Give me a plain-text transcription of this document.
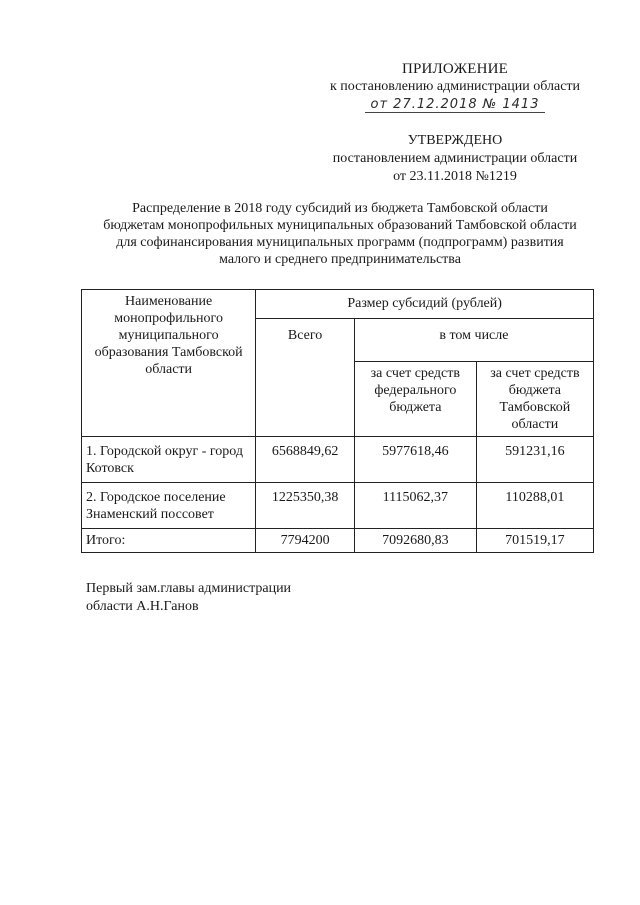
ПРИЛОЖЕНИЕ
к постановлению администрации области
от 27.12.2018 № 1413
УТВЕРЖДЕНО
постановлением администрации области
от 23.11.2018 №1219
Распределение в 2018 году субсидий из бюджета Тамбовской области
бюджетам монопрофильных муниципальных образований Тамбовской области
для софинансирования муниципальных программ (подпрограмм) развития
малого и среднего предпринимательства
Наименование монопрофильного муниципального образования Тамбовской области	Размер субсидий (рублей)		
	Всего	в том числе	
		за счет средств федерального бюджета	за счет средств бюджета Тамбовской области
1. Городской округ - город Котовск	6568849,62	5977618,46	591231,16
2. Городское поселение Знаменский поссовет	1225350,38	1115062,37	110288,01
Итого:	7794200	7092680,83	701519,17
Первый зам.главы администрации
области А.Н.Ганов
